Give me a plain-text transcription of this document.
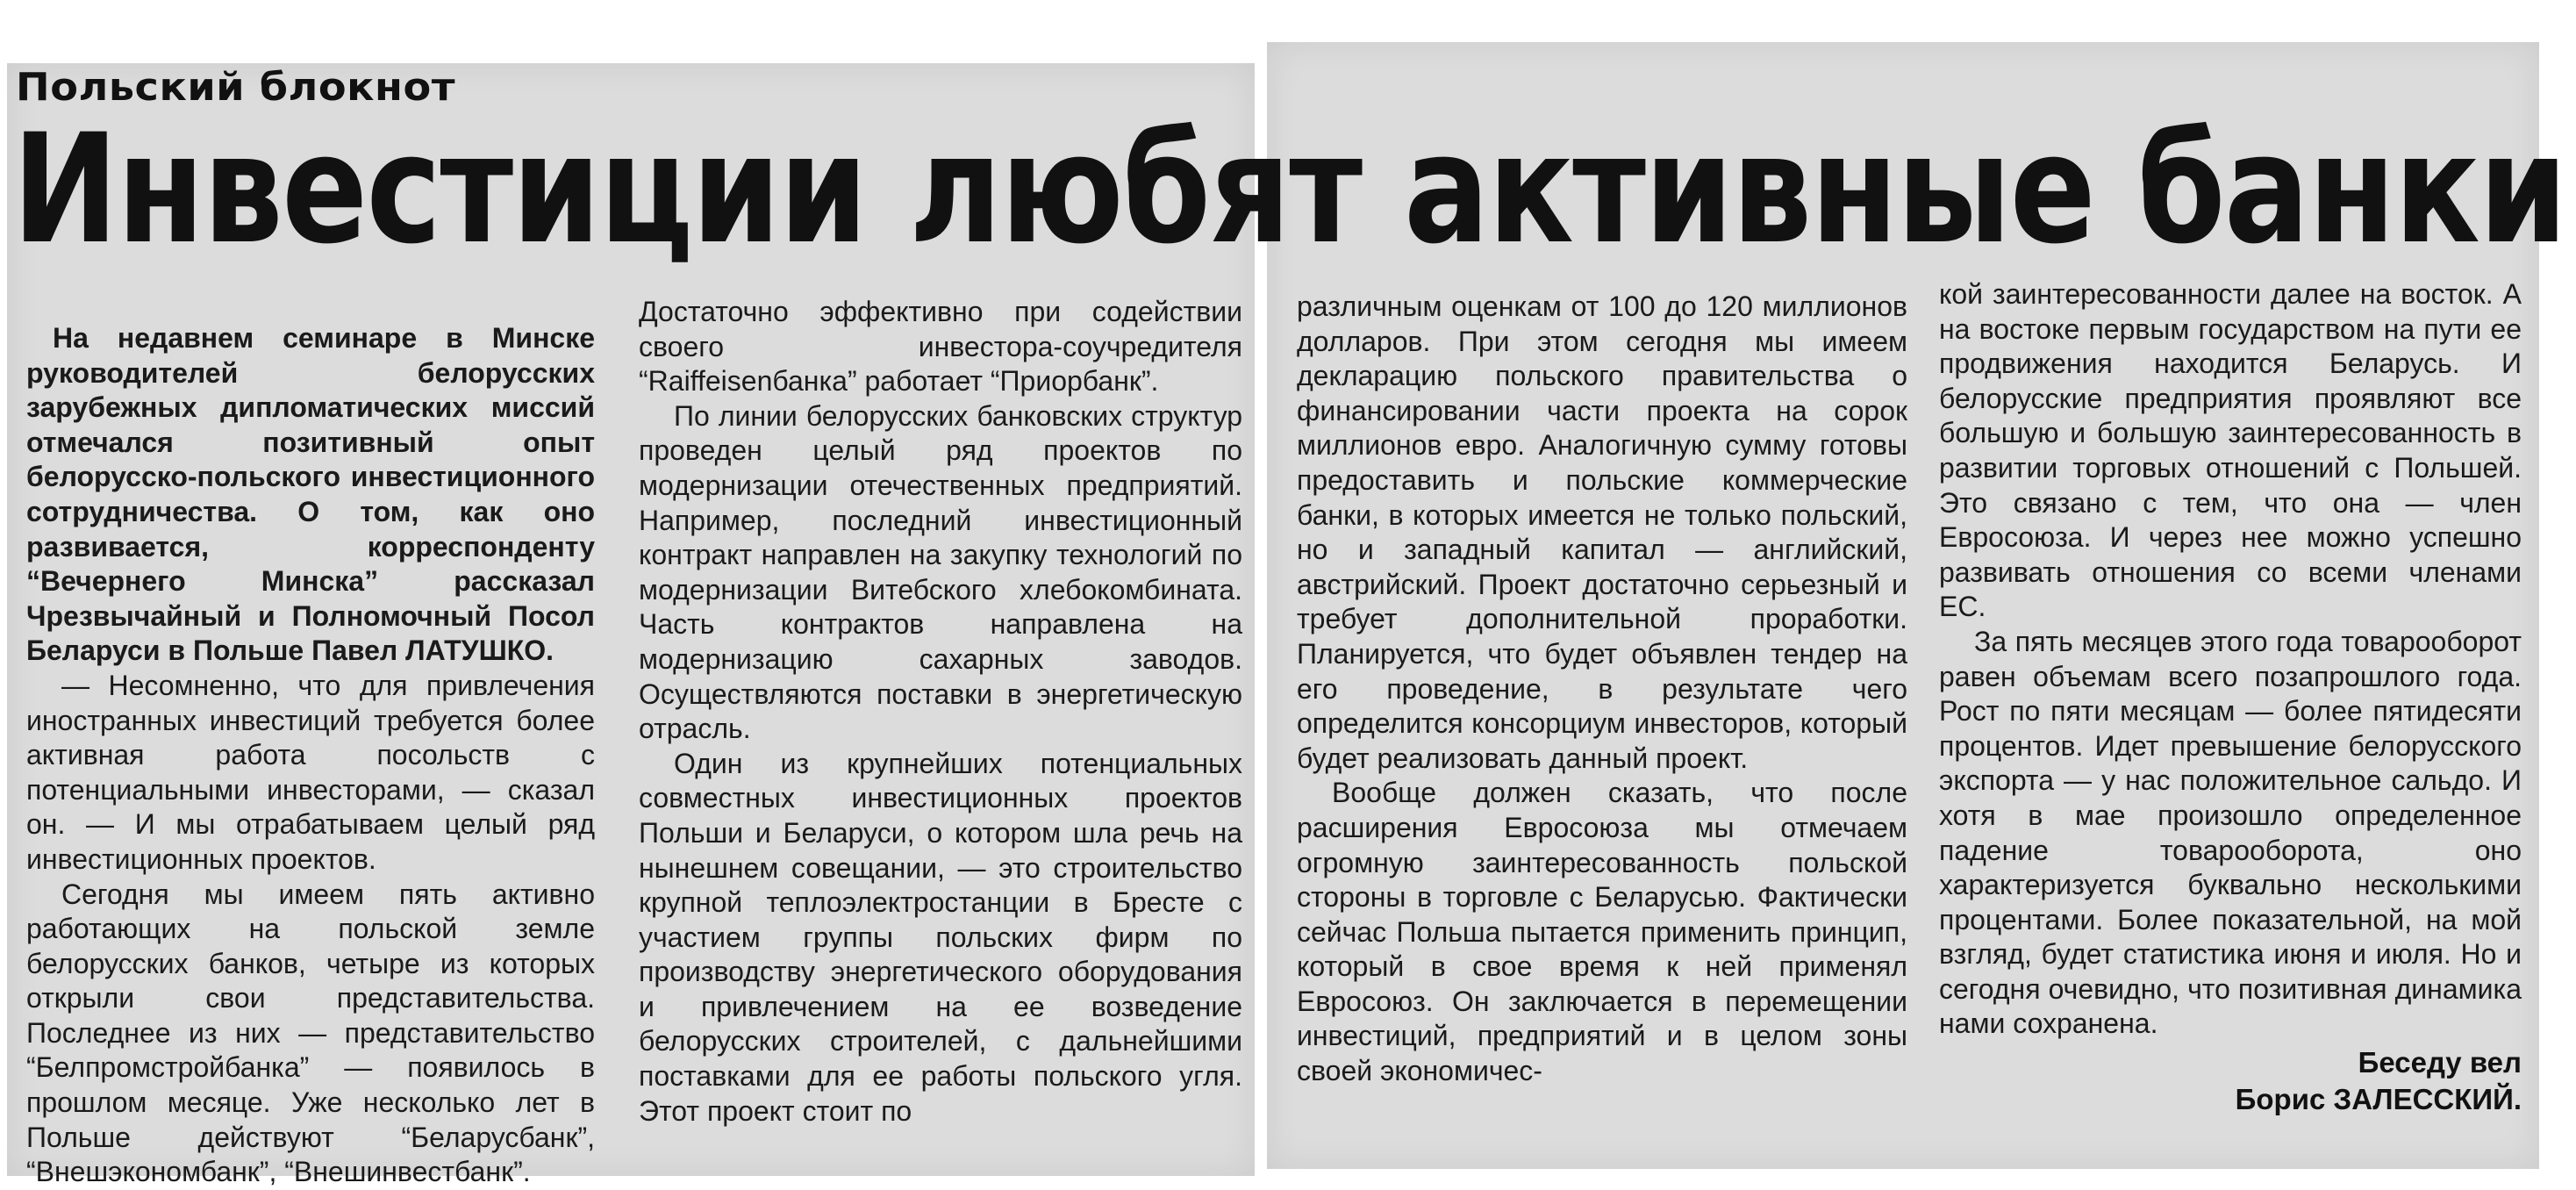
Польский блокнот
Инвестиции любят активные банки

На недавнем семинаре в Минске руководителей белорусских зарубежных дипломатических миссий отмечался позитивный опыт белорусско-польского инвестиционного сотрудничества. О том, как оно развивается, корреспонденту “Вечернего Минска” рассказал Чрезвычайный и Полномочный Посол Беларуси в Польше Павел ЛАТУШКО.

— Несомненно, что для привлечения иностранных инвестиций требуется более активная работа посольств с потенциальными инвесторами, — сказал он. — И мы отрабатываем целый ряд инвестиционных проектов.

Сегодня мы имеем пять активно работающих на польской земле белорусских банков, четыре из которых открыли свои представительства. Последнее из них — представительство “Белпромстройбанка” — появилось в прошлом месяце. Уже несколько лет в Польше действуют “Беларусбанк”, “Внешэкономбанк”, “Внешинвестбанк”.

Достаточно эффективно при содействии своего инвестора-соучредителя “Raiffeisenбанка” работает “Приорбанк”.

По линии белорусских банковских структур проведен целый ряд проектов по модернизации отечественных предприятий. Например, последний инвестиционный контракт направлен на закупку технологий по модернизации Витебского хлебокомбината. Часть контрактов направлена на модернизацию сахарных заводов. Осуществляются поставки в энергетическую отрасль.

Один из крупнейших потенциальных совместных инвестиционных проектов Польши и Беларуси, о котором шла речь на нынешнем совещании, — это строительство крупной теплоэлектростанции в Бресте с участием группы польских фирм по производству энергетического оборудования и привлечением на ее возведение белорусских строителей, с дальнейшими поставками для ее работы польского угля. Этот проект стоит по

различным оценкам от 100 до 120 миллионов долларов. При этом сегодня мы имеем декларацию польского правительства о финансировании части проекта на сорок миллионов евро. Аналогичную сумму готовы предоставить и польские коммерческие банки, в которых имеется не только польский, но и западный капитал — английский, австрийский. Проект достаточно серьезный и требует дополнительной проработки. Планируется, что будет объявлен тендер на его проведение, в результате чего определится консорциум инвесторов, который будет реализовать данный проект.

Вообще должен сказать, что после расширения Евросоюза мы отмечаем огромную заинтересованность польской стороны в торговле с Беларусью. Фактически сейчас Польша пытается применить принцип, который в свое время к ней применял Евросоюз. Он заключается в перемещении инвестиций, предприятий и в целом зоны своей экономичес-

кой заинтересованности далее на восток. А на востоке первым государством на пути ее продвижения находится Беларусь. И белорусские предприятия проявляют все большую и большую заинтересованность в развитии торговых отношений с Польшей. Это связано с тем, что она — член Евросоюза. И через нее можно успешно развивать отношения со всеми членами ЕС.

За пять месяцев этого года товарооборот равен объемам всего позапрошлого года. Рост по пяти месяцам — более пятидесяти процентов. Идет превышение белорусского экспорта — у нас положительное сальдо. И хотя в мае произошло определенное падение товарооборота, оно характеризуется буквально несколькими процентами. Более показательной, на мой взгляд, будет статистика июня и июля. Но и сегодня очевидно, что позитивная динамика нами сохранена.

Беседу вел
Борис ЗАЛЕССКИЙ.
